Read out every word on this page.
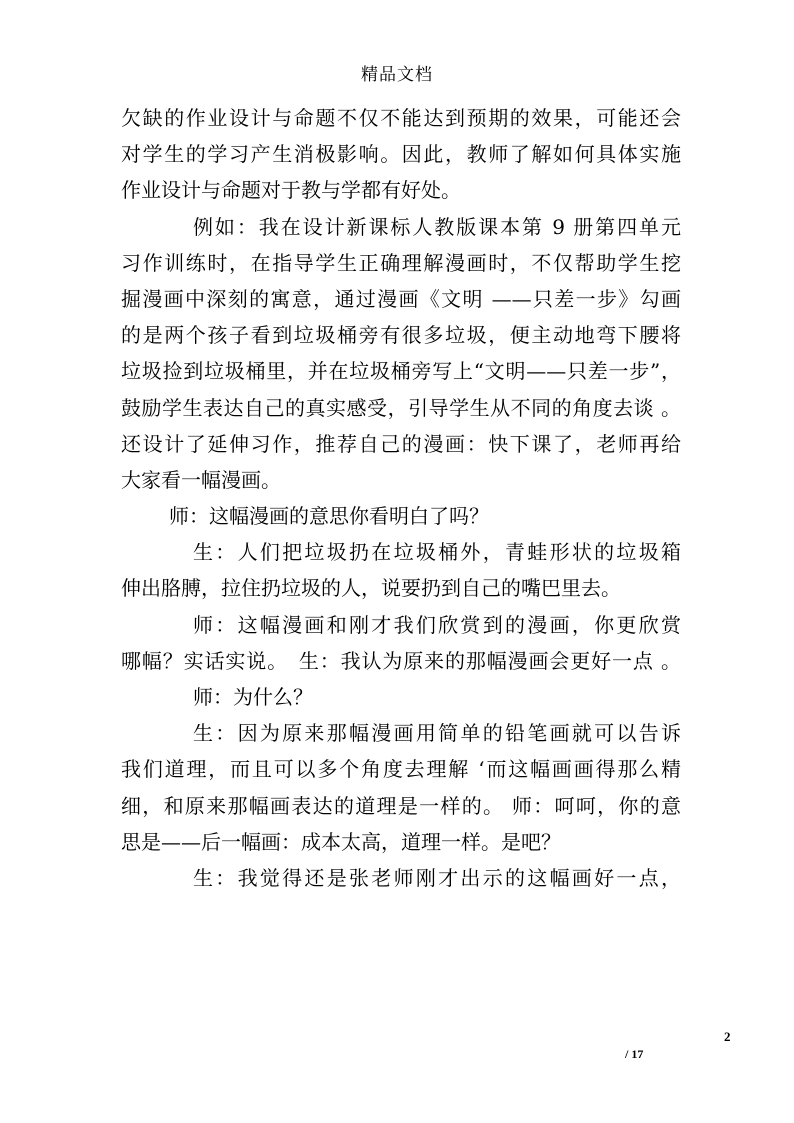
精品文档
欠缺的作业设计与命题不仅不能达到预期的效果，可能还会
对学生的学习产生消极影响。因此，教师了解如何具体实施
作业设计与命题对于教与学都有好处。
例如：我在设计新课标人教版课本第 9 册第四单元
习作训练时，在指导学生正确理解漫画时，不仅帮助学生挖
掘漫画中深刻的寓意，通过漫画《文明 ——只差一步》勾画
的是两个孩子看到垃圾桶旁有很多垃圾，便主动地弯下腰将
垃圾捡到垃圾桶里，并在垃圾桶旁写上“文明——只差一步”，
鼓励学生表达自己的真实感受，引导学生从不同的角度去谈 。
还设计了延伸习作，推荐自己的漫画：快下课了，老师再给
大家看一幅漫画。
师：这幅漫画的意思你看明白了吗？
生：人们把垃圾扔在垃圾桶外，青蛙形状的垃圾箱
伸出胳膊，拉住扔垃圾的人，说要扔到自己的嘴巴里去。
师：这幅漫画和刚才我们欣赏到的漫画，你更欣赏
哪幅？实话实说。　生：我认为原来的那幅漫画会更好一点 。
师：为什么？
生：因为原来那幅漫画用简单的铅笔画就可以告诉
我们道理，而且可以多个角度去理解 ‘而这幅画画得那么精
细，和原来那幅画表达的道理是一样的。 师：呵呵，你的意
思是——后一幅画：成本太高，道理一样。是吧？
生：我觉得还是张老师刚才出示的这幅画好一点，
2
/ 17
